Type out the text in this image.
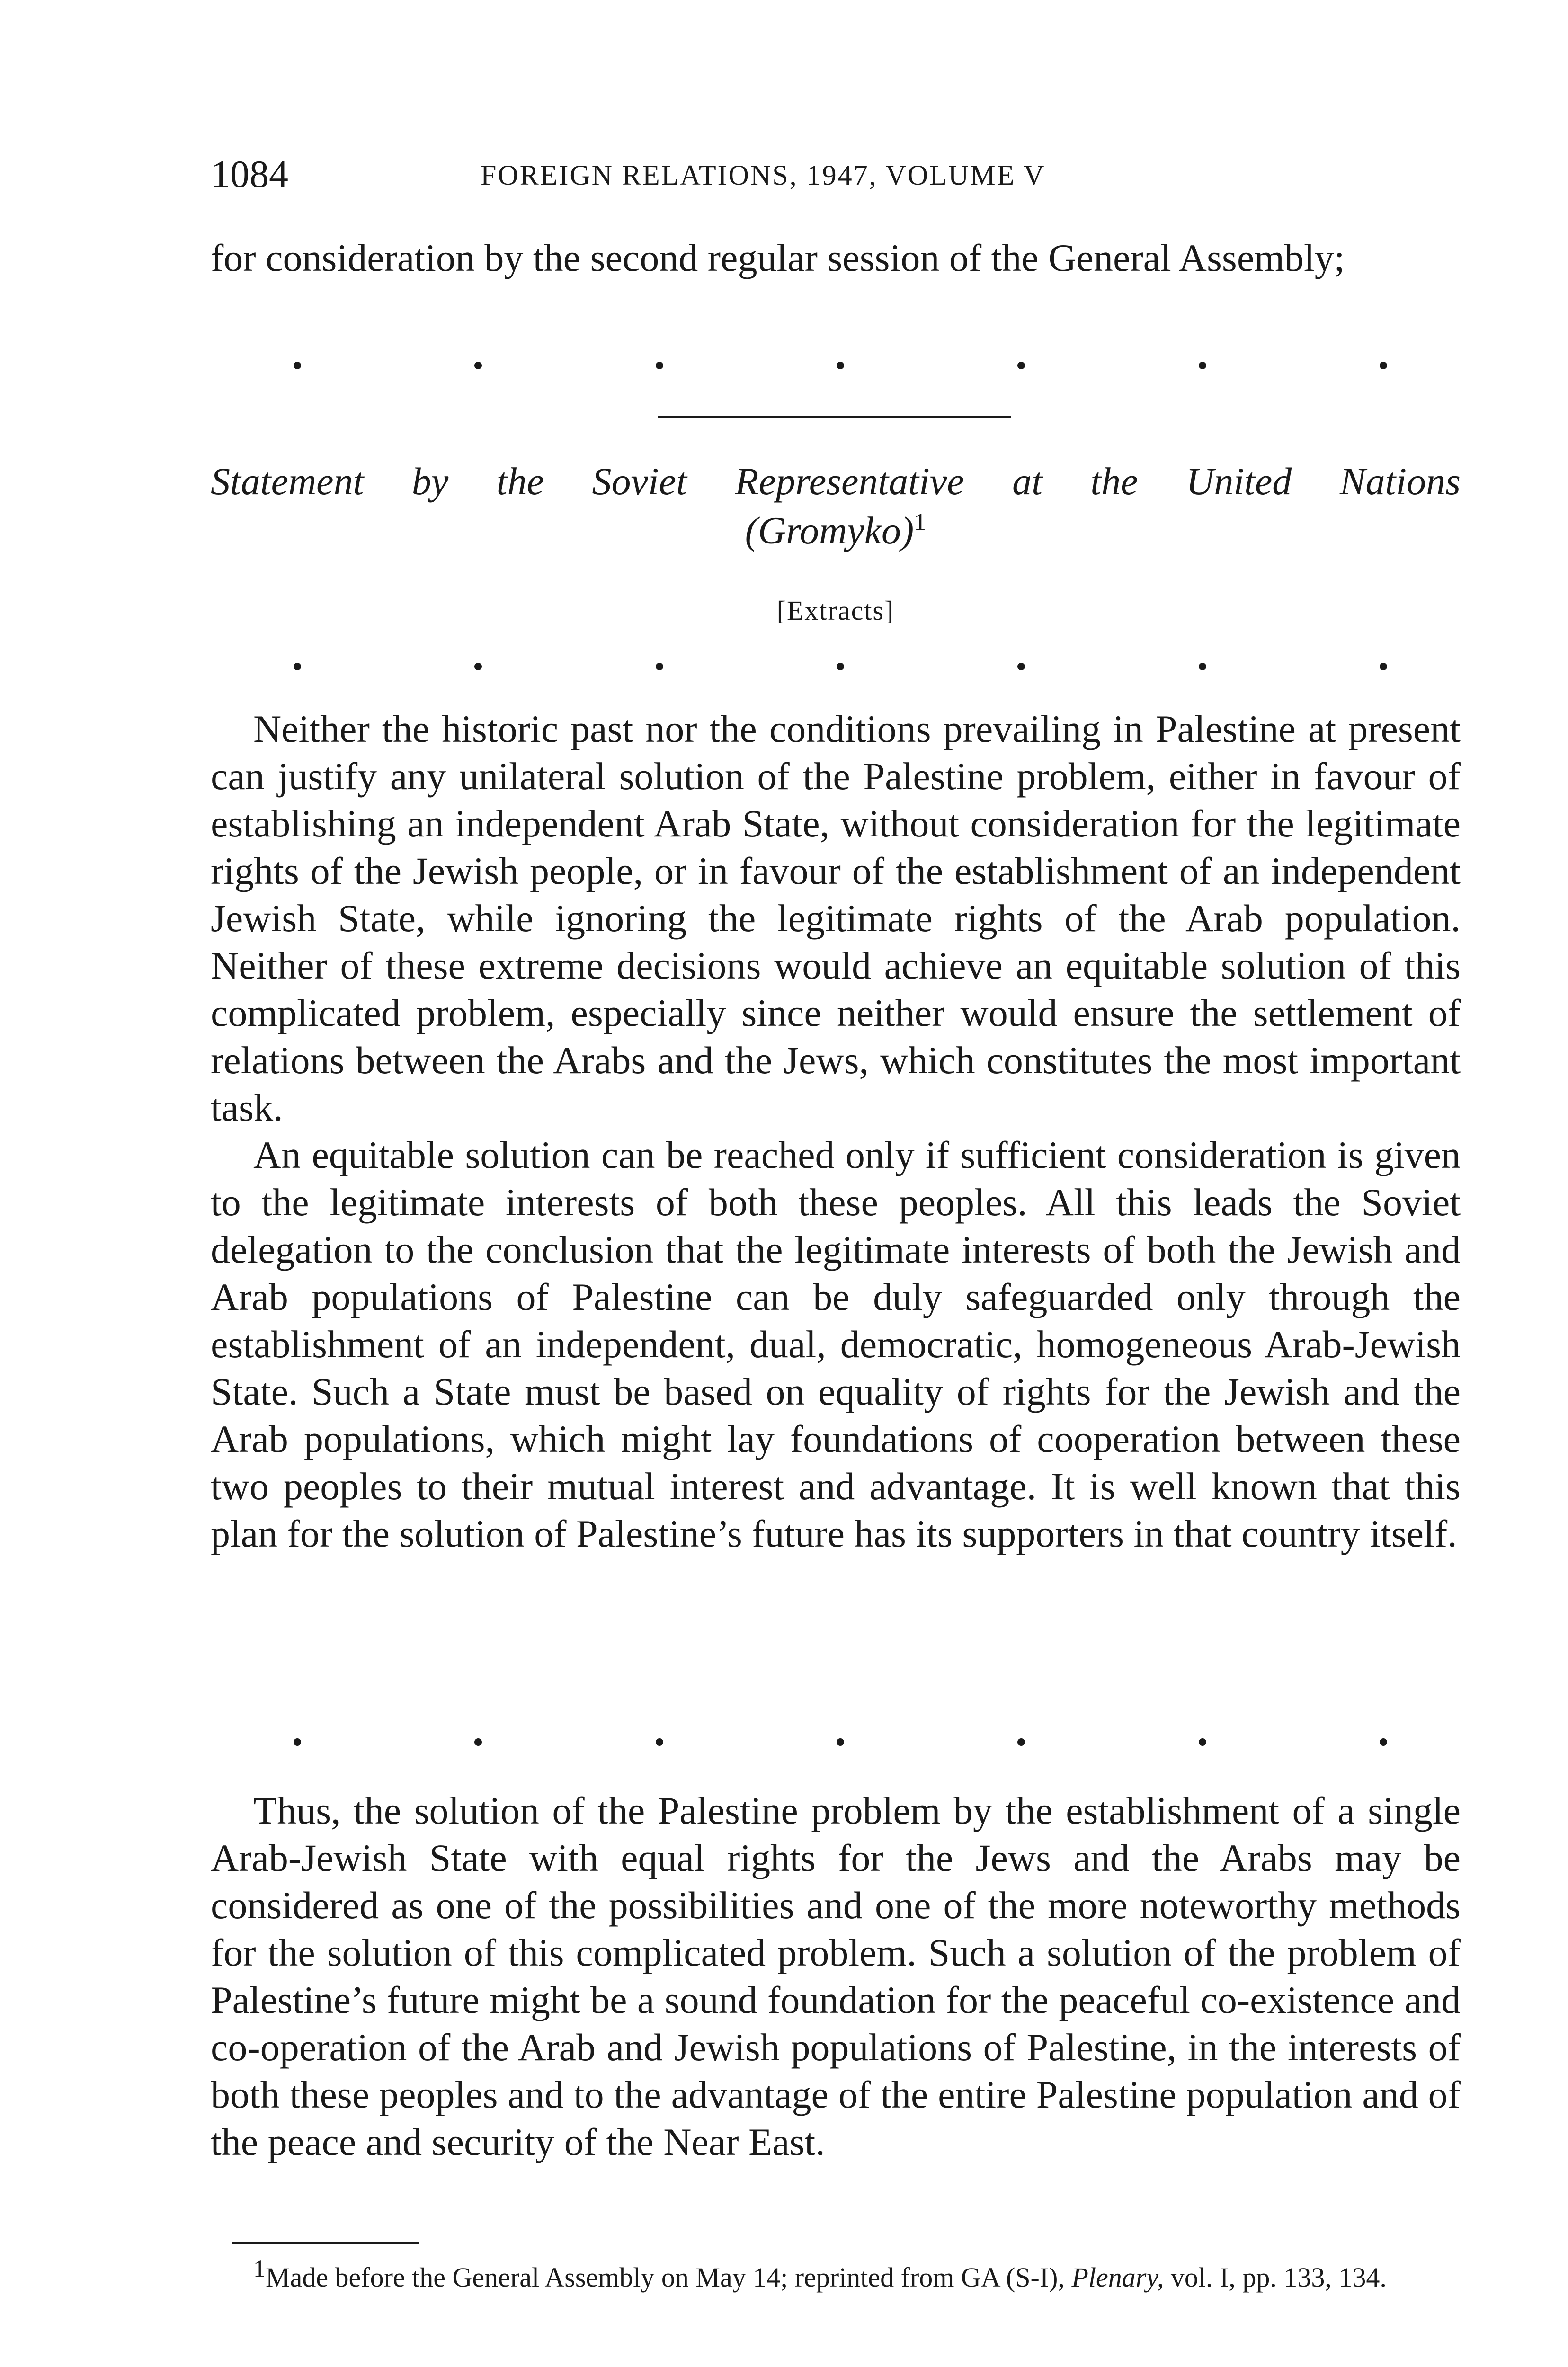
1084	FOREIGN RELATIONS, 1947, VOLUME V

for consideration by the second regular session of the General Assembly;

Statement by the Soviet Representative at the United Nations
(Gromyko)$^1$
[Extracts]

Neither the historic past nor the conditions prevailing in Palestine at present can justify any unilateral solution of the Palestine problem, either in favour of establishing an independent Arab State, without consideration for the legitimate rights of the Jewish people, or in favour of the establishment of an independent Jewish State, while ignoring the legitimate rights of the Arab population. Neither of these extreme decisions would achieve an equitable solution of this complicated problem, especially since neither would ensure the settlement of relations between the Arabs and the Jews, which constitutes the most important task.

An equitable solution can be reached only if sufficient consideration is given to the legitimate interests of both these peoples. All this leads the Soviet delegation to the conclusion that the legitimate interests of both the Jewish and Arab populations of Palestine can be duly safeguarded only through the establishment of an independent, dual, democratic, homogeneous Arab-Jewish State. Such a State must be based on equality of rights for the Jewish and the Arab populations, which might lay foundations of cooperation between these two peoples to their mutual interest and advantage. It is well known that this plan for the solution of Palestine’s future has its supporters in that country itself.

Thus, the solution of the Palestine problem by the establishment of a single Arab-Jewish State with equal rights for the Jews and the Arabs may be considered as one of the possibilities and one of the more noteworthy methods for the solution of this complicated problem. Such a solution of the problem of Palestine’s future might be a sound foundation for the peaceful co-existence and co-operation of the Arab and Jewish populations of Palestine, in the interests of both these peoples and to the advantage of the entire Palestine population and of the peace and security of the Near East.

$^1$Made before the General Assembly on May 14; reprinted from GA (S-I), Plenary, vol. I, pp. 133, 134.
